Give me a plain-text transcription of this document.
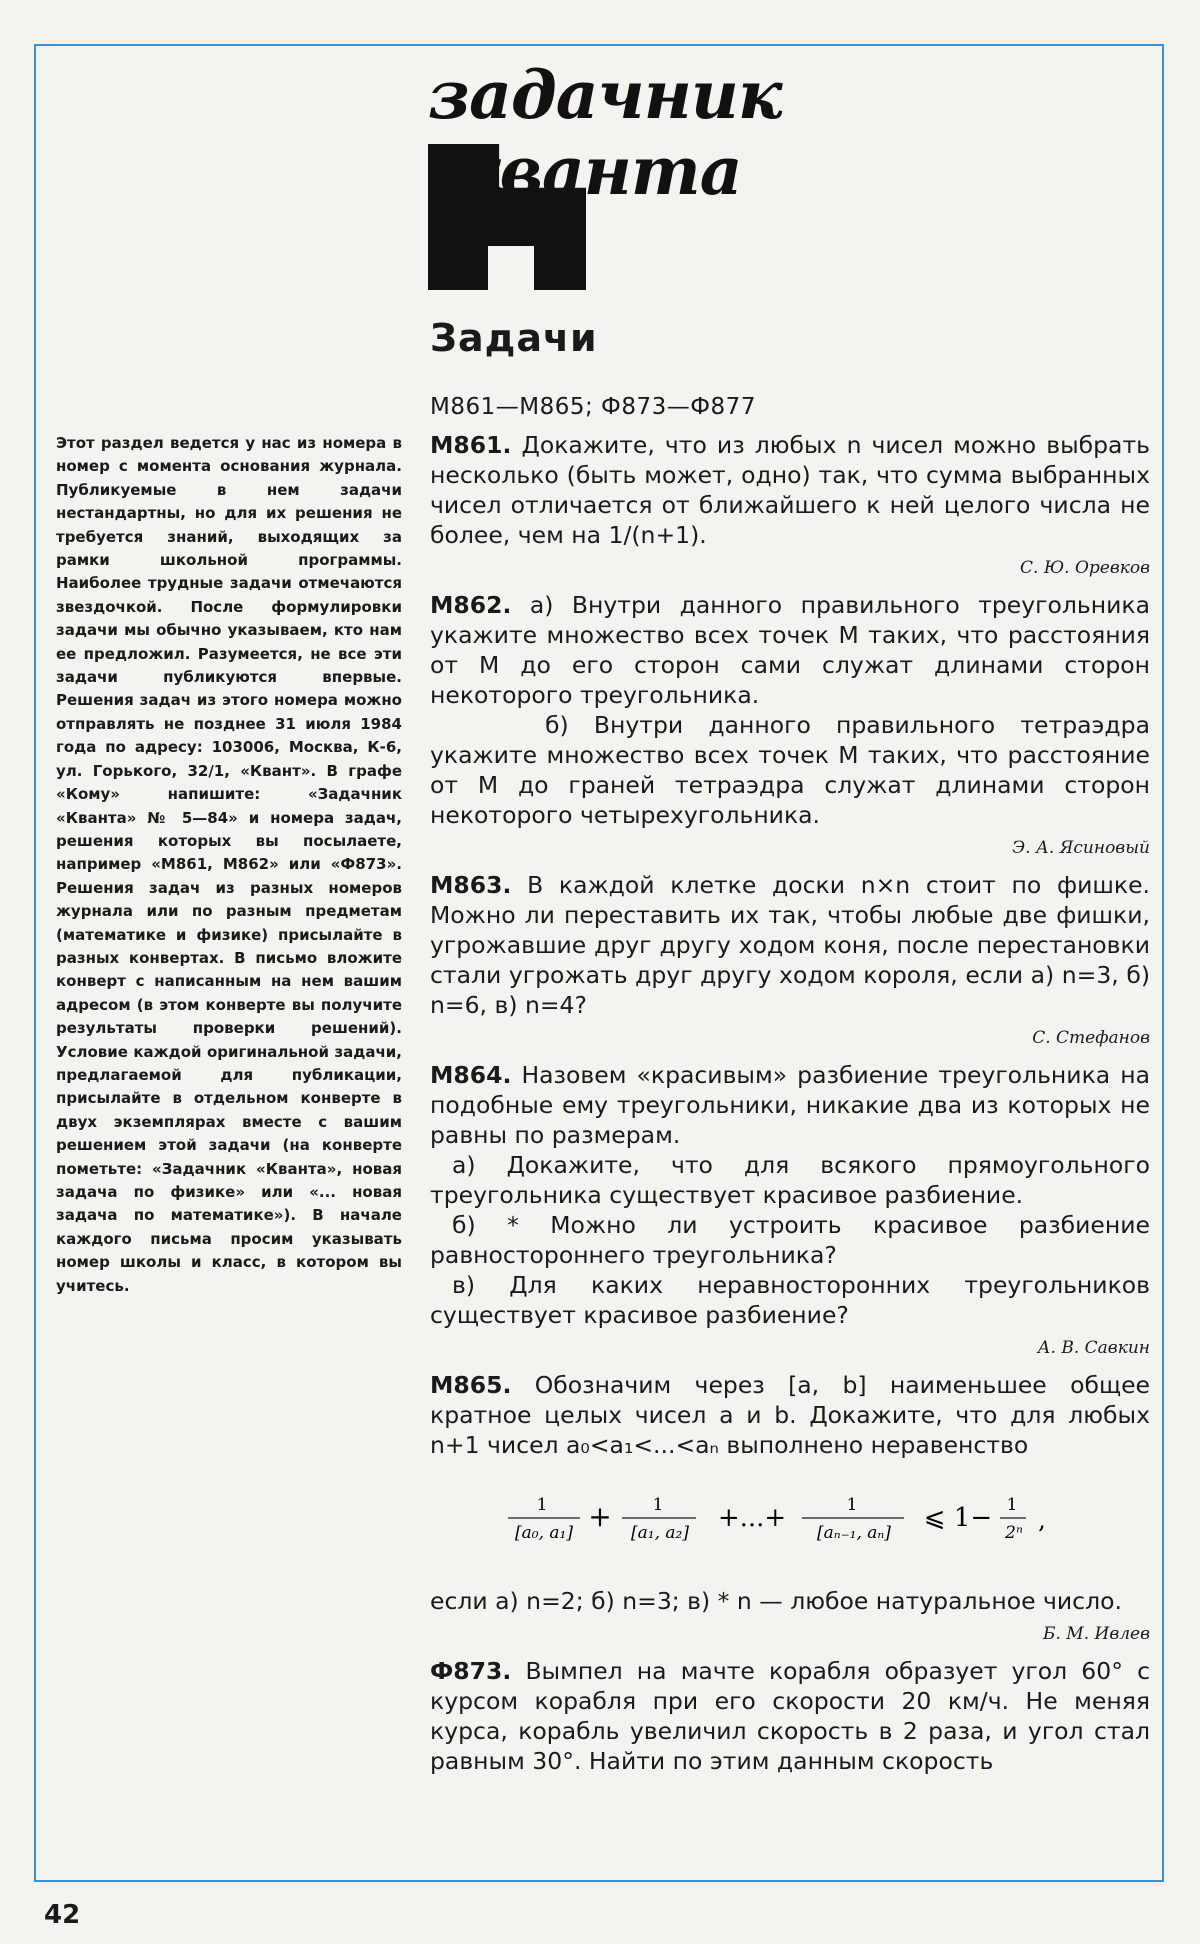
задачник
кванта
Задачи
Этот раздел ведется у нас из номера в номер с момента основания журнала. Публикуемые в нем задачи нестандартны, но для их решения не требуется знаний, выходящих за рамки школьной программы. Наиболее трудные задачи отмечаются звездочкой. После формулировки задачи мы обычно указываем, кто нам ее предложил. Разумеется, не все эти задачи публикуются впервые. Решения задач из этого номера можно отправлять не позднее 31 июля 1984 года по адресу: 103006, Москва, К-6, ул. Горького, 32/1, «Квант». В графе «Кому» напишите: «Задачник «Кванта» № 5—84» и номера задач, решения которых вы посылаете, например «М861, М862» или «Ф873». Решения задач из разных номеров журнала или по разным предметам (математике и физике) присылайте в разных конвертах. В письмо вложите конверт с написанным на нем вашим адресом (в этом конверте вы получите результаты проверки решений). Условие каждой оригинальной задачи, предлагаемой для публикации, присылайте в отдельном конверте в двух экземплярах вместе с вашим решением этой задачи (на конверте пометьте: «Задачник «Кванта», новая задача по физике» или «... новая задача по математике»). В начале каждого письма просим указывать номер школы и класс, в котором вы учитесь.
М861—М865; Ф873—Ф877

М861. Докажите, что из любых n чисел можно выбрать несколько (быть может, одно) так, что сумма выбранных чисел отличается от ближайшего к ней целого числа не более, чем на 1/(n+1).

С. Ю. Оревков

М862. а) Внутри данного правильного треугольника укажите множество всех точек M таких, что расстояния от M до его сторон сами служат длинами сторон некоторого треугольника.

б) Внутри данного правильного тетраэдра укажите множество всех точек M таких, что расстояние от M до граней тетраэдра служат длинами сторон некоторого четырехугольника.

Э. А. Ясиновый

М863. В каждой клетке доски n×n стоит по фишке. Можно ли переставить их так, чтобы любые две фишки, угрожавшие друг другу ходом коня, после перестановки стали угрожать друг другу ходом короля, если а) n=3, б) n=6, в) n=4?

С. Стефанов

М864. Назовем «красивым» разбиение треугольника на подобные ему треугольники, никакие два из которых не равны по размерам.

а) Докажите, что для всякого прямоугольного треугольника существует красивое разбиение.

б) * Можно ли устроить красивое разбиение равностороннего треугольника?

в) Для каких неравносторонних треугольников существует красивое разбиение?

А. В. Савкин

М865. Обозначим через [a, b] наименьшее общее кратное целых чисел a и b. Докажите, что для любых n+1 чисел a₀<a₁<...<aₙ выполнено неравенство

1
[a₀, a₁] + 1
[a₁, a₂] +...+	1
[aₙ₋₁, aₙ] ⩽ 1− 1
2ⁿ ,

если а) n=2; б) n=3; в) * n — любое натуральное число.

Б. М. Ивлев

Ф873. Вымпел на мачте корабля образует угол 60° с курсом корабля при его скорости 20 км/ч. Не меняя курса, корабль увеличил скорость в 2 раза, и угол стал равным 30°. Найти по этим данным скорость

42
